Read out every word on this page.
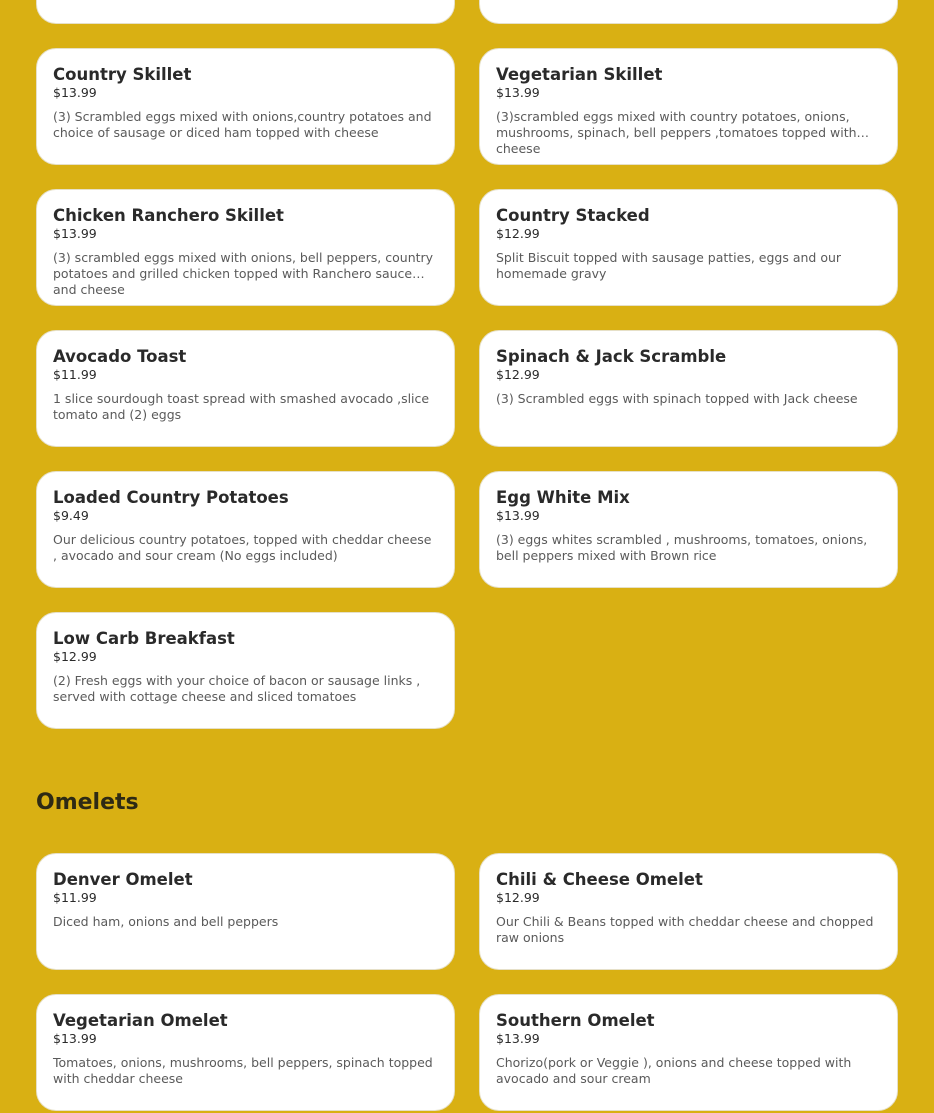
Country Skillet
$13.99
(3) Scrambled eggs mixed with onions,country potatoes and choice of sausage or diced ham topped with cheese
Vegetarian Skillet
$13.99
(3)scrambled eggs mixed with country potatoes, onions, mushrooms, spinach, bell peppers ,tomatoes topped with cheese
Chicken Ranchero Skillet
$13.99
(3) scrambled eggs mixed with onions, bell peppers, country potatoes and grilled chicken topped with Ranchero sauce and cheese
Country Stacked
$12.99
Split Biscuit topped with sausage patties, eggs and our homemade gravy
Avocado Toast
$11.99
1 slice sourdough toast spread with smashed avocado ,slice tomato and (2) eggs
Spinach & Jack Scramble
$12.99
(3) Scrambled eggs with spinach topped with Jack cheese
Loaded Country Potatoes
$9.49
Our delicious country potatoes, topped with cheddar cheese , avocado and sour cream (No eggs included)
Egg White Mix
$13.99
(3) eggs whites scrambled , mushrooms, tomatoes, onions, bell peppers mixed with Brown rice
Low Carb Breakfast
$12.99
(2) Fresh eggs with your choice of bacon or sausage links , served with cottage cheese and sliced tomatoes
Omelets
Denver Omelet
$11.99
Diced ham, onions and bell peppers
Chili & Cheese Omelet
$12.99
Our Chili & Beans topped with cheddar cheese and chopped raw onions
Vegetarian Omelet
$13.99
Tomatoes, onions, mushrooms, bell peppers, spinach topped with cheddar cheese
Southern Omelet
$13.99
Chorizo(pork or Veggie ), onions and cheese topped with avocado and sour cream
